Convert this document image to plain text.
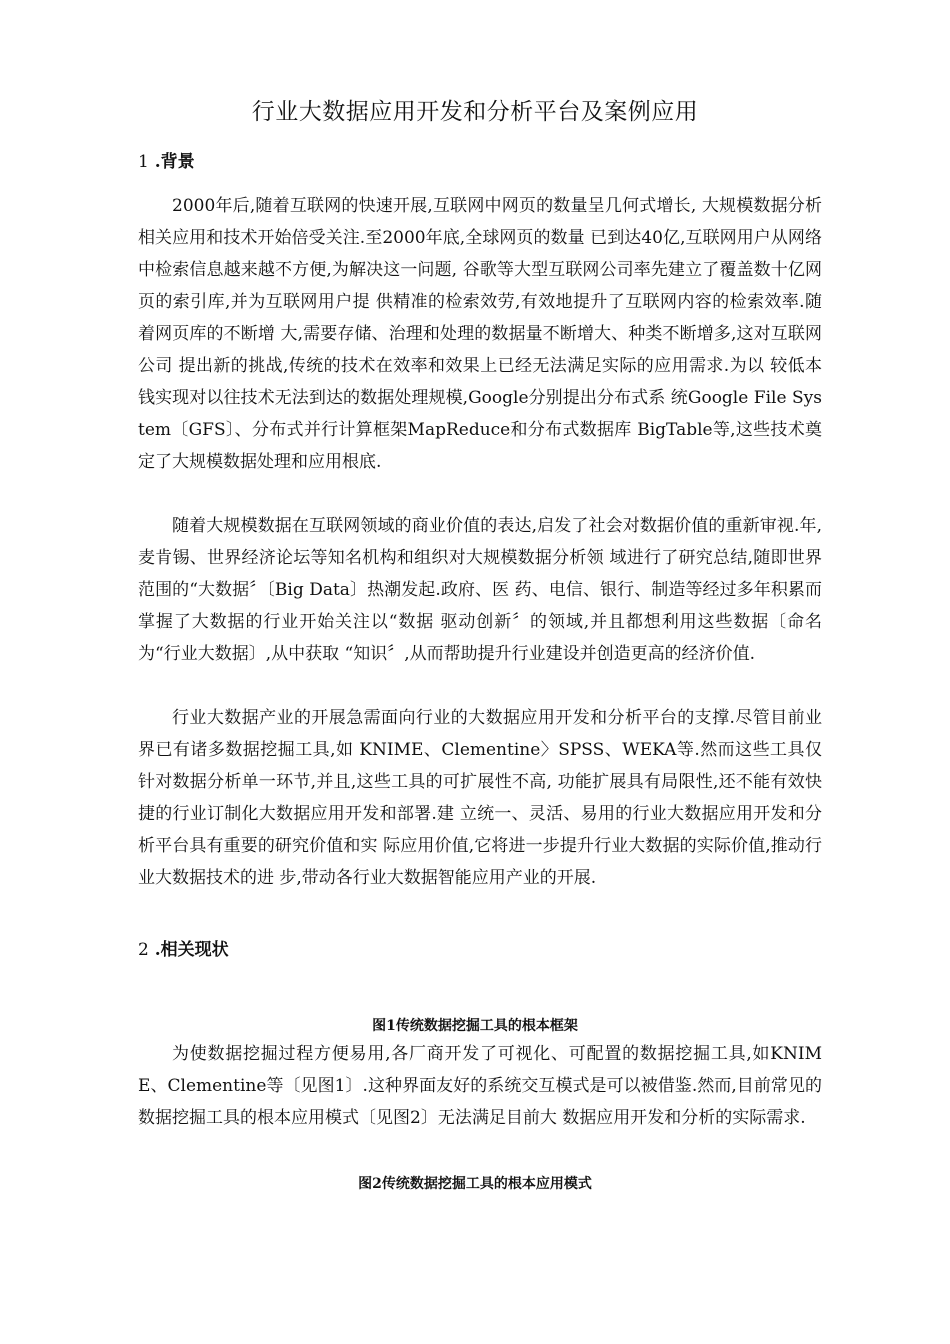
行业大数据应用开发和分析平台及案例应用
1 .背景

2000年后,随着互联网的快速开展,互联网中网页的数量呈几何式增长, 大规模数据分析相关应用和技术开始倍受关注.至2000年底,全球网页的数量 已到达40亿,互联网用户从网络中检索信息越来越不方便,为解决这一问题, 谷歌等大型互联网公司率先建立了覆盖数十亿网页的索引库,并为互联网用户提 供精准的检索效劳,有效地提升了互联网内容的检索效率.随着网页库的不断增 大,需要存储、治理和处理的数据量不断增大、种类不断增多,这对互联网公司 提出新的挑战,传统的技术在效率和效果上已经无法满足实际的应用需求.为以 较低本钱实现对以往技术无法到达的数据处理规模,Google分别提出分布式系 统Google File System〔GFS〕、分布式并行计算框架MapReduce和分布式数据库 BigTable等,这些技术奠定了大规模数据处理和应用根底.

随着大规模数据在互联网领域的商业价值的表达,启发了社会对数据价值的重新审视.年,麦肯锡、世界经济论坛等知名机构和组织对大规模数据分析领 域进行了研究总结,随即世界范围的“大数据〞〔Big Data〕热潮发起.政府、医 药、电信、银行、制造等经过多年积累而掌握了大数据的行业开始关注以“数据 驱动创新〞的领域,并且都想利用这些数据〔命名为“行业大数据〕,从中获取 “知识〞,从而帮助提升行业建设并创造更高的经济价值.

行业大数据产业的开展急需面向行业的大数据应用开发和分析平台的支撑.尽管目前业界已有诸多数据挖掘工具,如 KNIME、Clementine〉SPSS、WEKA等.然而这些工具仅针对数据分析单一环节,并且,这些工具的可扩展性不高, 功能扩展具有局限性,还不能有效快捷的行业订制化大数据应用开发和部署.建 立统一、灵活、易用的行业大数据应用开发和分析平台具有重要的研究价值和实 际应用价值,它将进一步提升行业大数据的实际价值,推动行业大数据技术的进 步,带动各行业大数据智能应用产业的开展.

2 .相关现状

图1传统数据挖掘工具的根本框架

为使数据挖掘过程方便易用,各厂商开发了可视化、可配置的数据挖掘工具,如KNIME、Clementine等〔见图1〕.这种界面友好的系统交互模式是可以被借鉴.然而,目前常见的数据挖掘工具的根本应用模式〔见图2〕无法满足目前大 数据应用开发和分析的实际需求.

图2传统数据挖掘工具的根本应用模式
